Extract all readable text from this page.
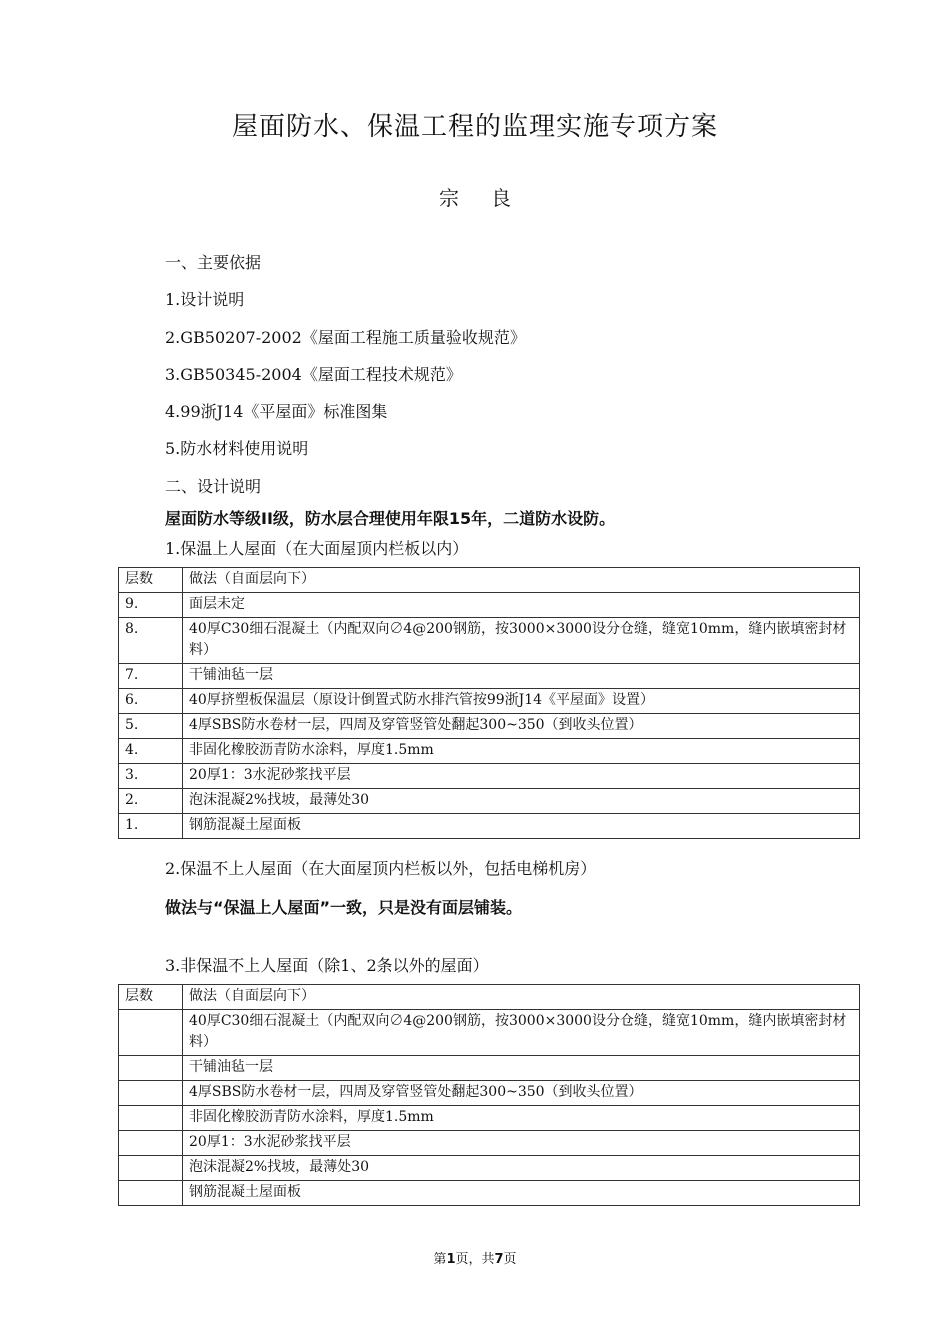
屋面防水、保温工程的监理实施专项方案
宗良
一、主要依据
1.设计说明
2.GB50207-2002《屋面工程施工质量验收规范》
3.GB50345-2004《屋面工程技术规范》
4.99浙J14《平屋面》标准图集
5.防水材料使用说明
二、设计说明
屋面防水等级II级，防水层合理使用年限15年，二道防水设防。
1.保温上人屋面（在大面屋顶内栏板以内）
层数	做法（自面层向下）
9.	面层未定
8.	40厚C30细石混凝土（内配双向∅4@200钢筋，按3000×3000设分仓缝，缝宽10mm，缝内嵌填密封材料）
7.	干铺油毡一层
6.	40厚挤塑板保温层（原设计倒置式防水排汽管按99浙J14《平屋面》设置）
5.	4厚SBS防水卷材一层，四周及穿管竖管处翻起300~350（到收头位置）
4.	非固化橡胶沥青防水涂料，厚度1.5mm
3.	20厚1：3水泥砂浆找平层
2.	泡沫混凝2%找坡，最薄处30
1.	钢筋混凝土屋面板
2.保温不上人屋面（在大面屋顶内栏板以外，包括电梯机房）
做法与“保温上人屋面”一致，只是没有面层铺装。
3.非保温不上人屋面（除1、2条以外的屋面）
层数	做法（自面层向下）
	40厚C30细石混凝土（内配双向∅4@200钢筋，按3000×3000设分仓缝，缝宽10mm，缝内嵌填密封材料）
	干铺油毡一层
	4厚SBS防水卷材一层，四周及穿管竖管处翻起300~350（到收头位置）
	非固化橡胶沥青防水涂料，厚度1.5mm
	20厚1：3水泥砂浆找平层
	泡沫混凝2%找坡，最薄处30
	钢筋混凝土屋面板
第1页，共7页
